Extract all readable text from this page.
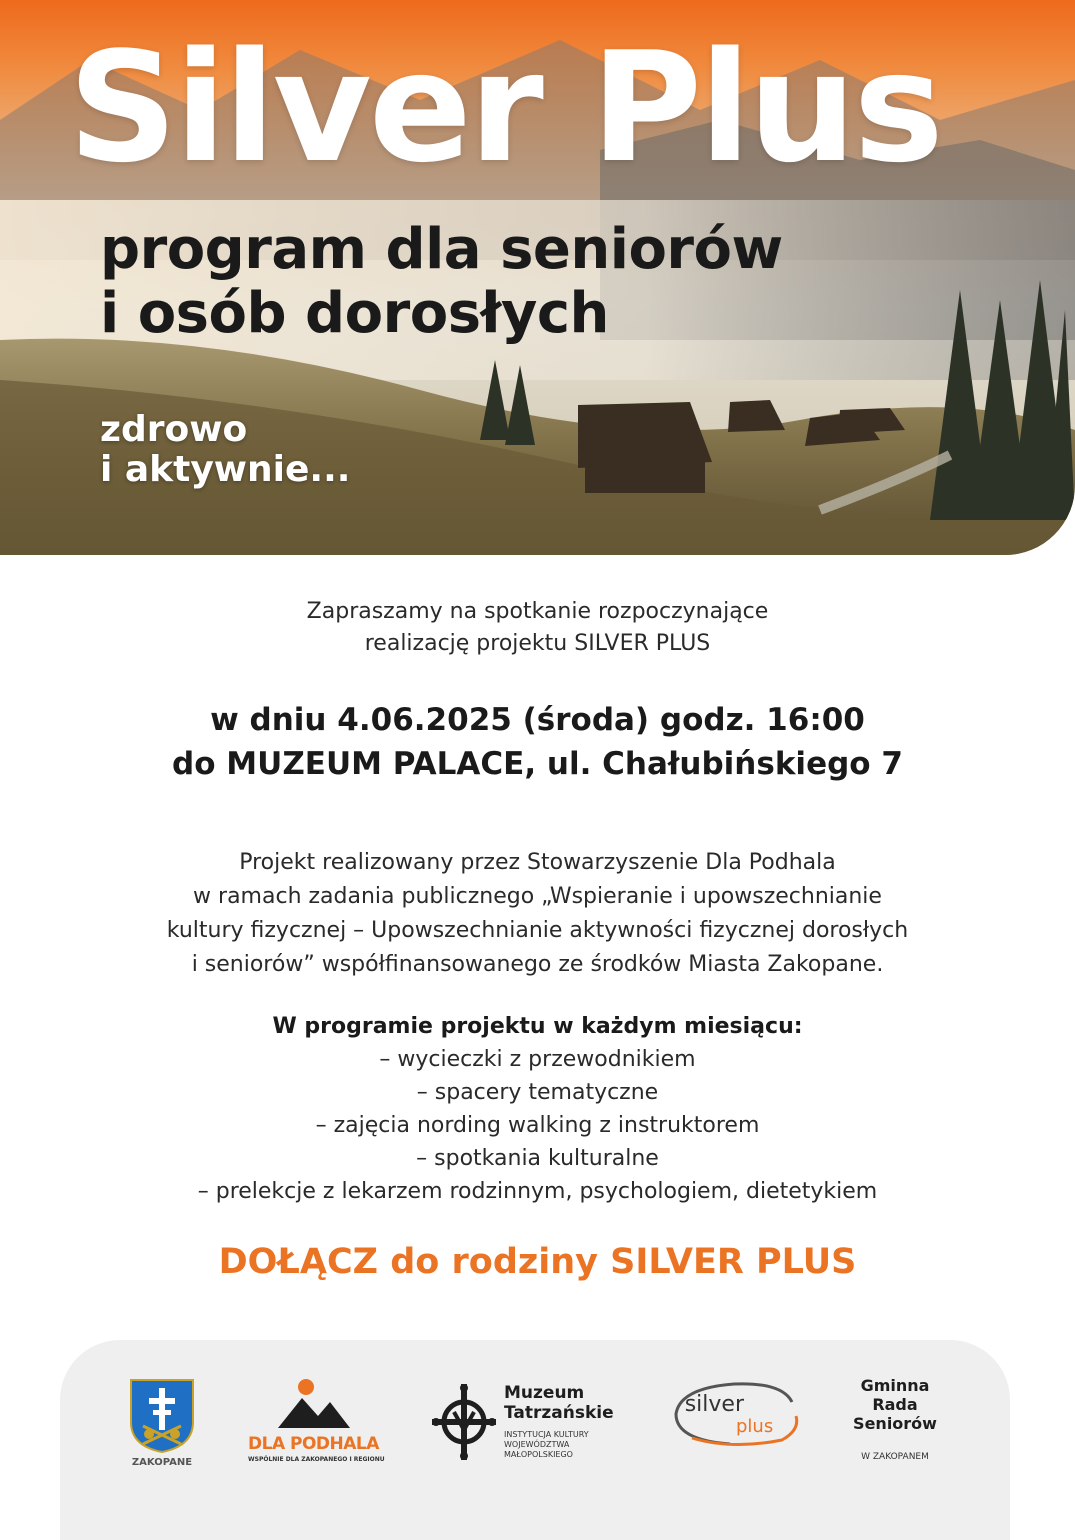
Silver Plus
program dla seniorów
i osób dorosłych
zdrowo
i aktywnie...
Zapraszamy na spotkanie rozpoczynające
realizację projektu SILVER PLUS
w dniu 4.06.2025 (środa) godz. 16:00
do MUZEUM PALACE, ul. Chałubińskiego 7
Projekt realizowany przez Stowarzyszenie Dla Podhala
w ramach zadania publicznego „Wspieranie i upowszechnianie
kultury fizycznej – Upowszechnianie aktywności fizycznej dorosłych
i seniorów” współfinansowanego ze środków Miasta Zakopane.
W programie projektu w każdym miesiącu:
– wycieczki z przewodnikiem
– spacery tematyczne
– zajęcia nording walking z instruktorem
– spotkania kulturalne
– prelekcje z lekarzem rodzinnym, psychologiem, dietetykiem
DOŁĄCZ do rodziny SILVER PLUS
ZAKOPANE
DLA PODHALA
WSPÓLNIE DLA ZAKOPANEGO I REGIONU
Muzeum
Tatrzańskie
INSTYTUCJA KULTURY
WOJEWÓDZTWA
MAŁOPOLSKIEGO
silver
plus
Gminna
Rada
Seniorów
W ZAKOPANEM
